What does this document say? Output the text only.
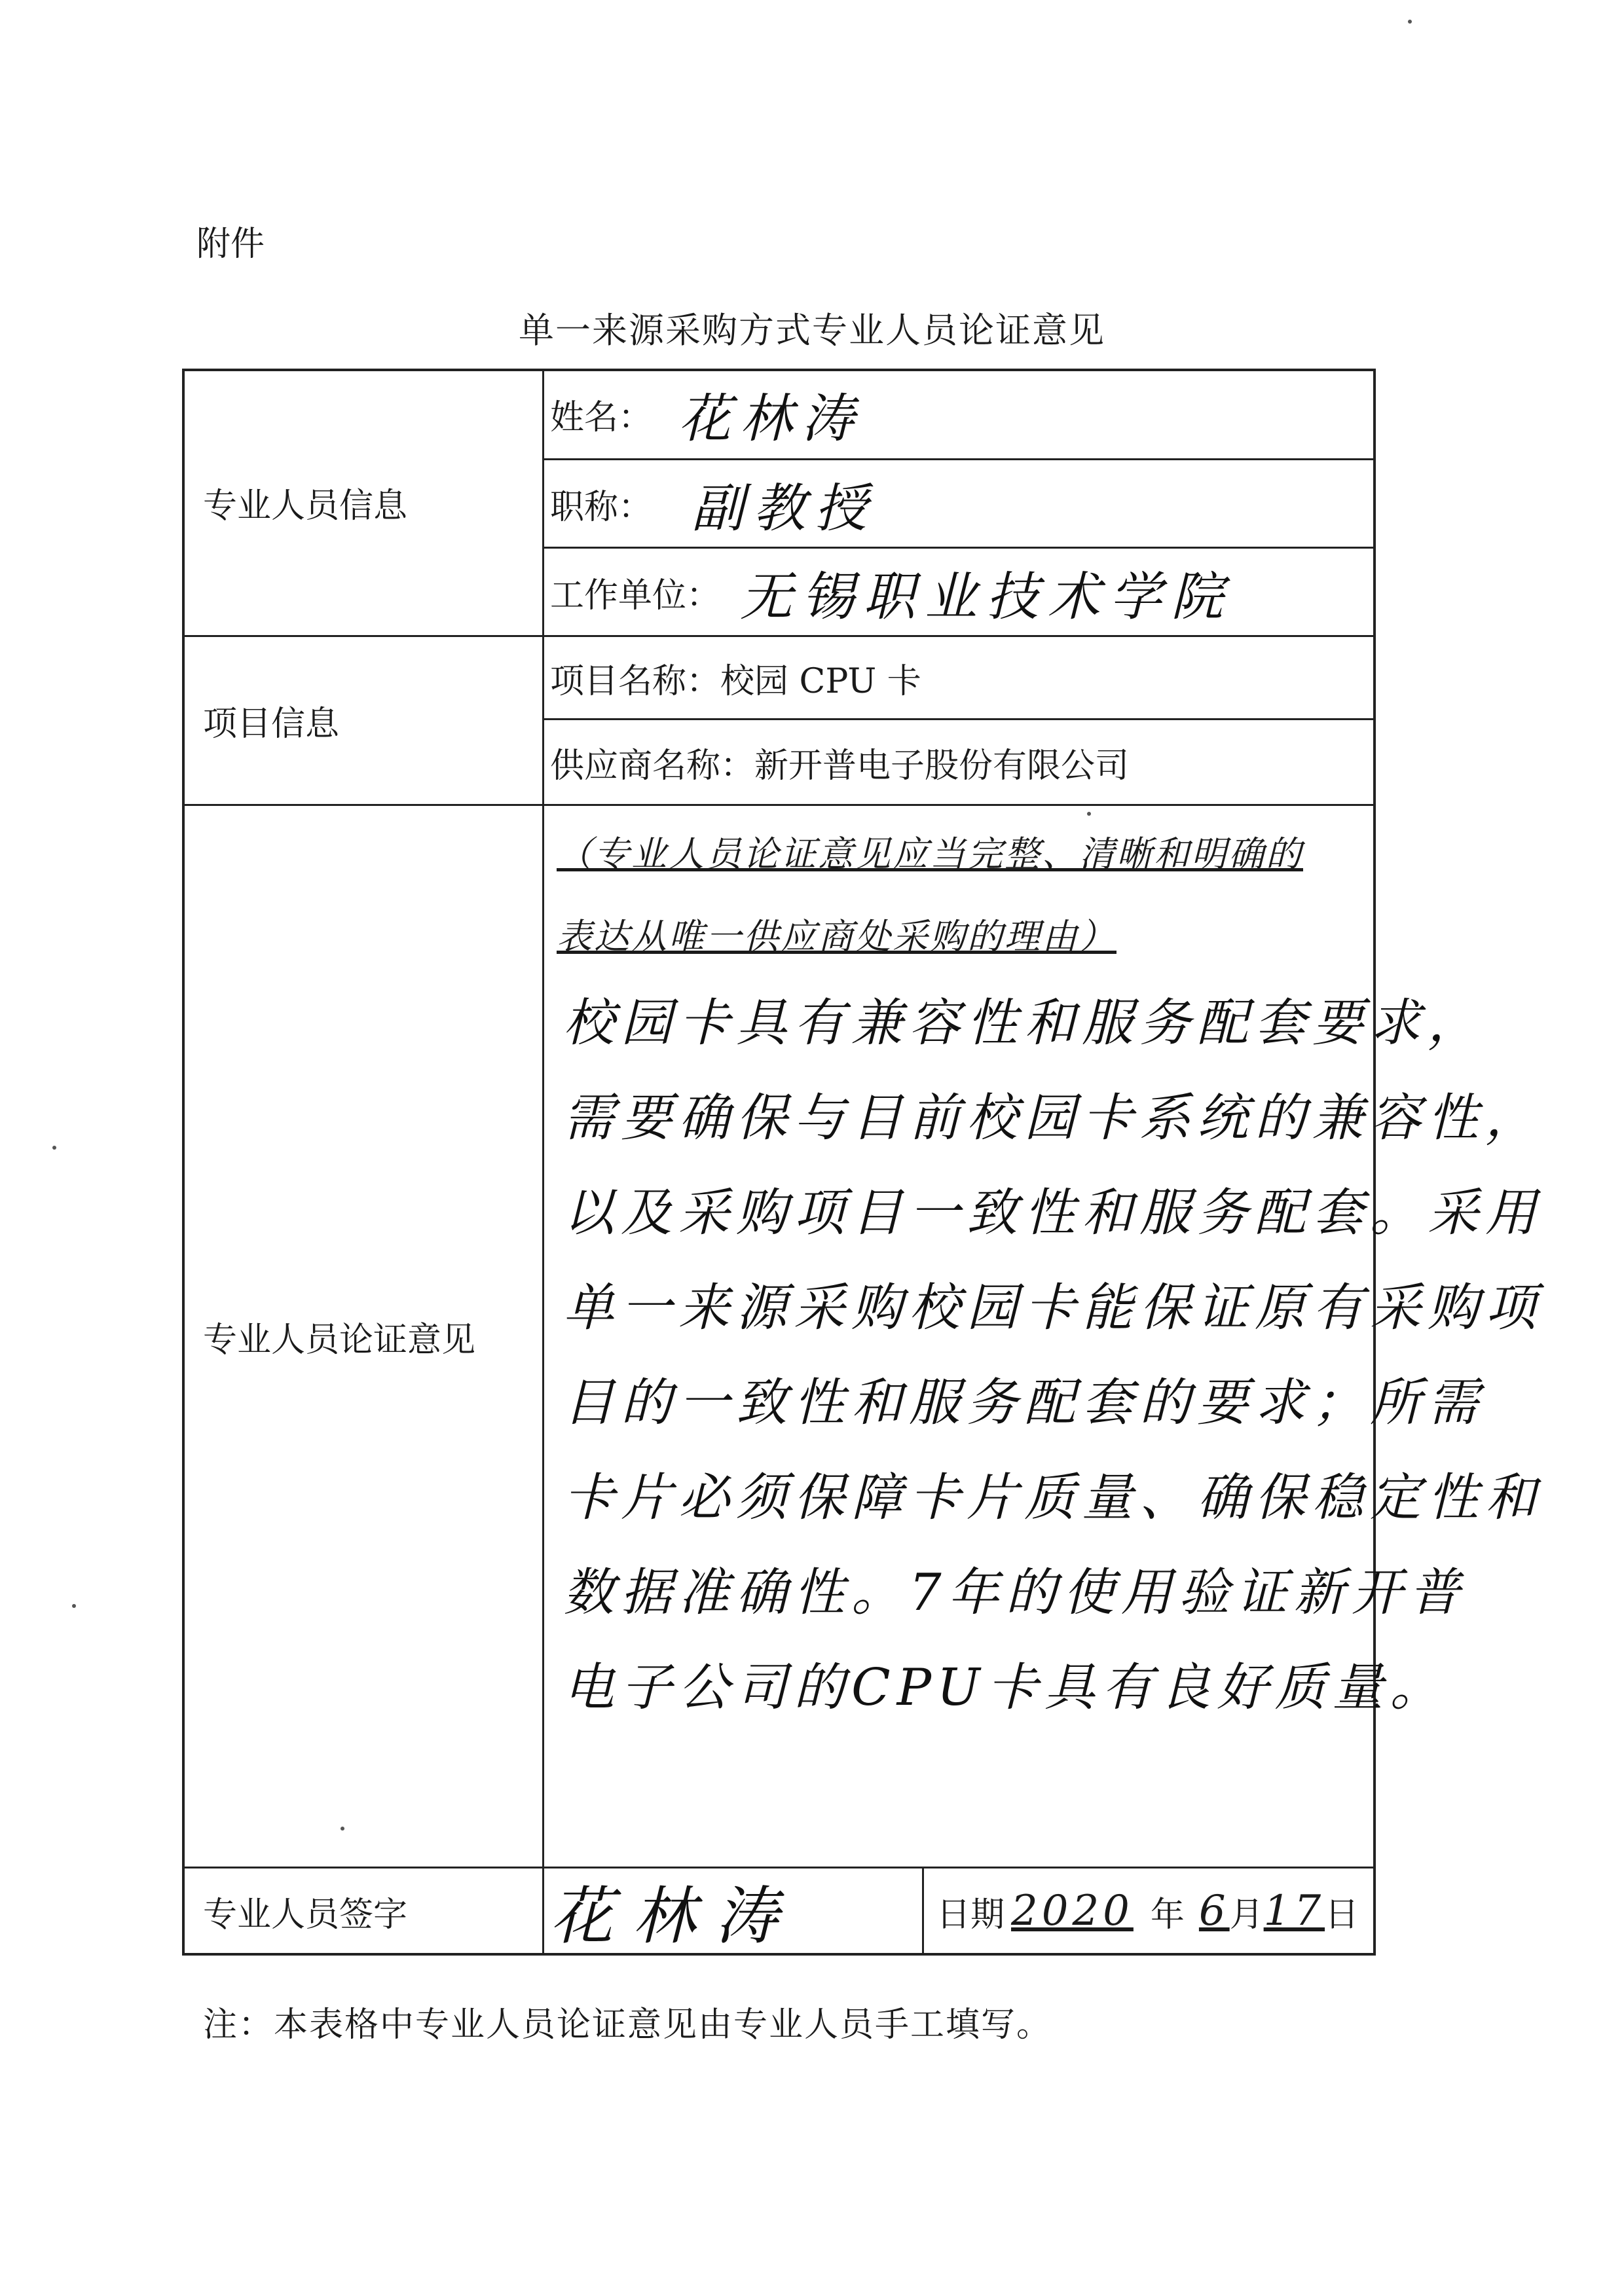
附件
单一来源采购方式专业人员论证意见
专业人员信息
姓名： 花林涛
职称： 副教授
工作单位： 无锡职业技术学院
项目信息
项目名称： 校园 CPU 卡
供应商名称： 新开普电子股份有限公司
专业人员论证意见
（专业人员论证意见应当完整、清晰和明确的
表达从唯一供应商处采购的理由）
校园卡具有兼容性和服务配套要求，
需要确保与目前校园卡系统的兼容性，
以及采购项目一致性和服务配套。采用
单一来源采购校园卡能保证原有采购项
目的一致性和服务配套的要求；所需
卡片必须保障卡片质量、确保稳定性和
数据准确性。7年的使用验证新开普
电子公司的CPU卡具有良好质量。
专业人员签字	花林涛	日期 2020 年 6 月 17 日
注：本表格中专业人员论证意见由专业人员手工填写。
